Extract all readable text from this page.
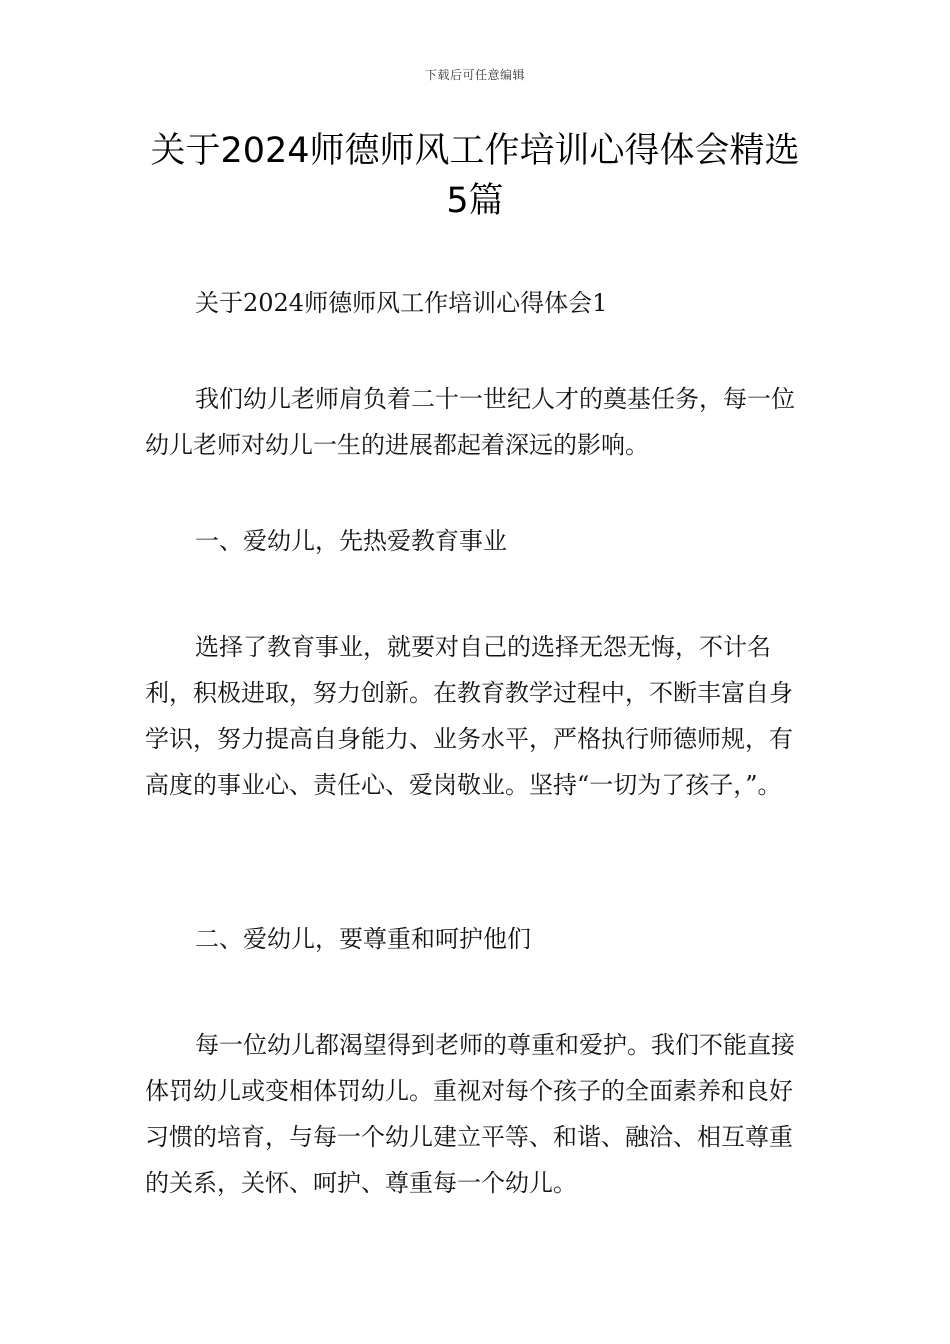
下载后可任意编辑
关于2024师德师风工作培训心得体会精选5篇

关于2024师德师风工作培训心得体会1

我们幼儿老师肩负着二十一世纪人才的奠基任务，每一位幼儿老师对幼儿一生的进展都起着深远的影响。

一、爱幼儿，先热爱教育事业

选择了教育事业，就要对自己的选择无怨无悔，不计名利，积极进取，努力创新。在教育教学过程中，不断丰富自身学识，努力提高自身能力、业务水平，严格执行师德师规，有高度的事业心、责任心、爱岗敬业。坚持“一切为了孩子，”。

二、爱幼儿，要尊重和呵护他们

每一位幼儿都渴望得到老师的尊重和爱护。我们不能直接体罚幼儿或变相体罚幼儿。重视对每个孩子的全面素养和良好习惯的培育，与每一个幼儿建立平等、和谐、融洽、相互尊重的关系，关怀、呵护、尊重每一个幼儿。
